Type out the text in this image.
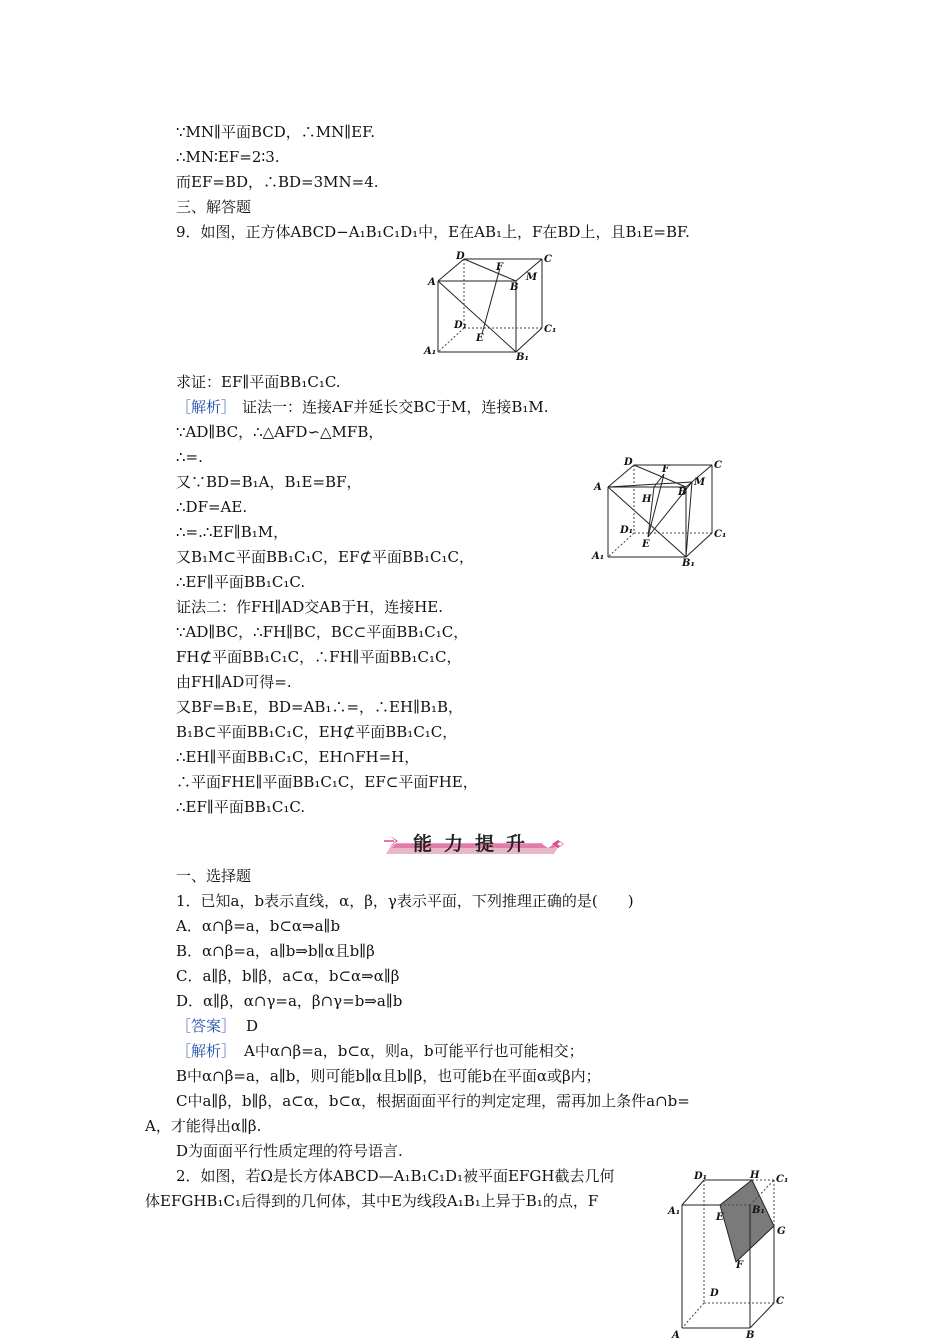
∵MN∥平面BCD，∴MN∥EF.
∴MN∶EF=2∶3.
而EF=BD，∴BD=3MN=4.
三、解答题
9．如图，正方体ABCD−A₁B₁C₁D₁中，E在AB₁上，F在BD上，且B₁E=BF.
D	C
F
M
A	B
D₁	C₁
E
A₁
B₁
求证：EF∥平面BB₁C₁C.
［解析］ 证法一：连接AF并延长交BC于M，连接B₁M.
∵AD∥BC，∴△AFD∽△MFB，
∴=.
又∵BD=B₁A，B₁E=BF，
∴DF=AE.
∴=.∴EF∥B₁M，
又B₁M⊂平面BB₁C₁C，EF⊄平面BB₁C₁C，
∴EF∥平面BB₁C₁C.
证法二：作FH∥AD交AB于H，连接HE.
∵AD∥BC，∴FH∥BC，BC⊂平面BB₁C₁C，
FH⊄平面BB₁C₁C，∴FH∥平面BB₁C₁C，
由FH∥AD可得=.
又BF=B₁E，BD=AB₁∴=，∴EH∥B₁B，
B₁B⊂平面BB₁C₁C，EH⊄平面BB₁C₁C，
∴EH∥平面BB₁C₁C，EH∩FH=H，
∴平面FHE∥平面BB₁C₁C，EF⊂平面FHE，
∴EF∥平面BB₁C₁C.
D
F	C
A
H
B
M
D₁	C₁
E
A₁
B₁
能力提升
一、选择题
1．已知a，b表示直线，α，β，γ表示平面，下列推理正确的是(　　)
A．α∩β=a，b⊂α⇒a∥b
B．α∩β=a，a∥b⇒b∥α且b∥β
C．a∥β，b∥β，a⊂α，b⊂α⇒α∥β
D．α∥β，α∩γ=a，β∩γ=b⇒a∥b
［答案］ D
［解析］ A中α∩β=a，b⊂α，则a，b可能平行也可能相交；
B中α∩β=a，a∥b，则可能b∥α且b∥β，也可能b在平面α或β内；
C中a∥β，b∥β，a⊂α，b⊂α，根据面面平行的判定定理，需再加上条件a∩b=
A，才能得出α∥β.
D为面面平行性质定理的符号语言.
2．如图，若Ω是长方体ABCD—A₁B₁C₁D₁被平面EFGH截去几何
体EFGHB₁C₁后得到的几何体，其中E为线段A₁B₁上异于B₁的点，F
D₁	H C₁
A₁
E
B₁
G
F
D
C
A	B
